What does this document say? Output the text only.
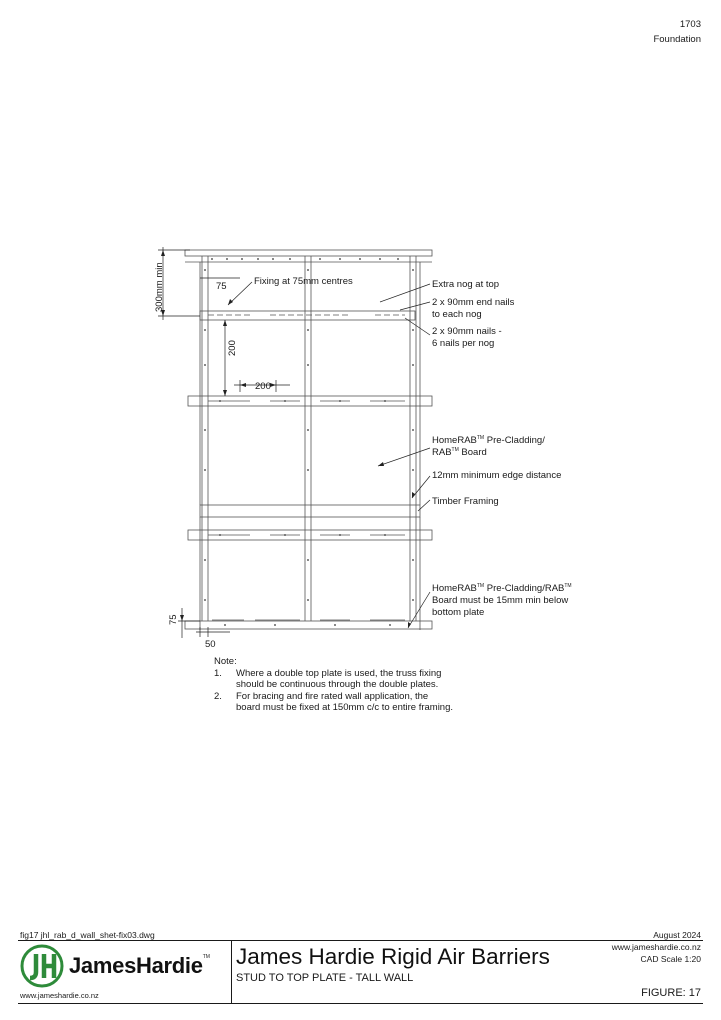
1703
Foundation
75
300mm min
200
200
75
50
Fixing at 75mm centres	Extra nog at top
2 x 90mm end nails
to each nog
2 x 90mm nails -
6 nails per nog
HomeRAB™ Pre-Cladding/
RAB™ Board
12mm minimum edge distance
Timber Framing
HomeRAB™ Pre-Cladding/RAB™
Board must be 15mm min below
bottom plate
Note:
1.	Where a double top plate is used, the truss fixing
should be continuous through the double plates.
2.	For bracing and fire rated wall application, the
board must be fixed at 150mm c/c to entire framing.
fig17 jhl_rab_d_wall_shet-fix03.dwg	August 2024
JamesHardie TM
www.jameshardie.co.nz
James Hardie Rigid Air Barriers
STUD TO TOP PLATE - TALL WALL
www.jameshardie.co.nz
CAD Scale 1:20
FIGURE: 17
